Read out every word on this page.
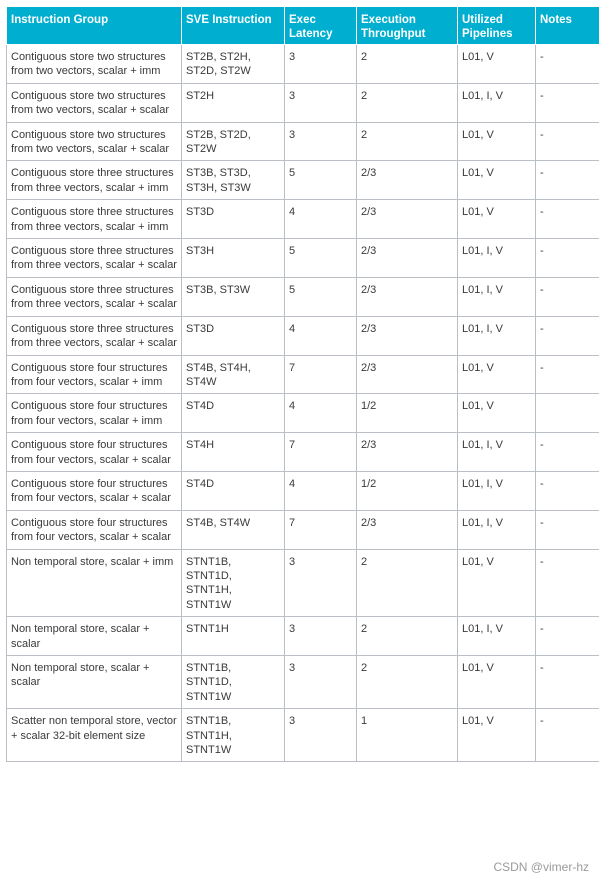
Instruction Group	SVE Instruction	Exec Latency	Execution Throughput	Utilized Pipelines	Notes
Contiguous store two structures from two vectors, scalar + imm	ST2B, ST2H, ST2D, ST2W	3	2	L01, V	-
Contiguous store two structures from two vectors, scalar + scalar	ST2H	3	2	L01, I, V	-
Contiguous store two structures from two vectors, scalar + scalar	ST2B, ST2D, ST2W	3	2	L01, V	-
Contiguous store three structures from three vectors, scalar + imm	ST3B, ST3D, ST3H, ST3W	5	2/3	L01, V	-
Contiguous store three structures from three vectors, scalar + imm	ST3D	4	2/3	L01, V	-
Contiguous store three structures from three vectors, scalar + scalar	ST3H	5	2/3	L01, I, V	-
Contiguous store three structures from three vectors, scalar + scalar	ST3B, ST3W	5	2/3	L01, I, V	-
Contiguous store three structures from three vectors, scalar + scalar	ST3D	4	2/3	L01, I, V	-
Contiguous store four structures from four vectors, scalar + imm	ST4B, ST4H, ST4W	7	2/3	L01, V	-
Contiguous store four structures from four vectors, scalar + imm	ST4D	4	1/2	L01, V	
Contiguous store four structures from four vectors, scalar + scalar	ST4H	7	2/3	L01, I, V	-
Contiguous store four structures from four vectors, scalar + scalar	ST4D	4	1/2	L01, I, V	-
Contiguous store four structures from four vectors, scalar + scalar	ST4B, ST4W	7	2/3	L01, I, V	-
Non temporal store, scalar + imm	STNT1B, STNT1D, STNT1H, STNT1W	3	2	L01, V	-
Non temporal store, scalar + scalar	STNT1H	3	2	L01, I, V	-
Non temporal store, scalar + scalar	STNT1B, STNT1D, STNT1W	3	2	L01, V	-
Scatter non temporal store, vector + scalar 32-bit element size	STNT1B, STNT1H, STNT1W	3	1	L01, V	-
CSDN @vimer-hz
